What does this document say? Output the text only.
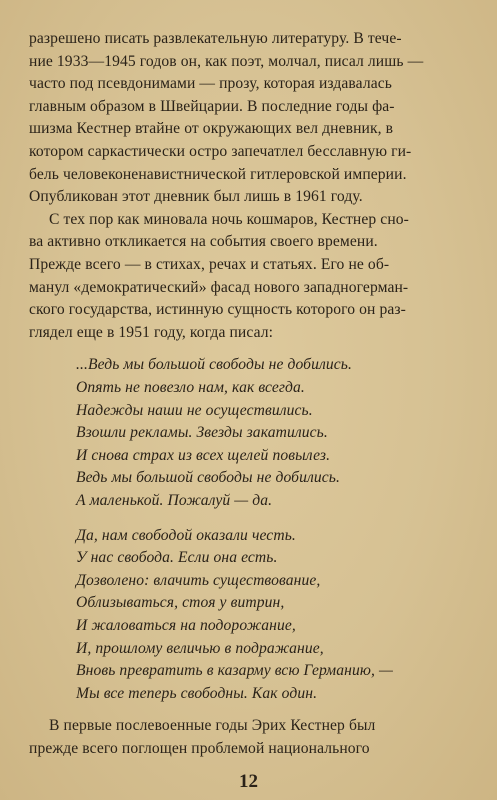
разрешено писать развлекательную литературу. В тече-
ние 1933—1945 годов он, как поэт, молчал, писал лишь —
часто под псевдонимами — прозу, которая издавалась
главным образом в Швейцарии. В последние годы фа-
шизма Кестнер втайне от окружающих вел дневник, в
котором саркастически остро запечатлел бесславную ги-
бель человеконенавистнической гитлеровской империи.
Опубликован этот дневник был лишь в 1961 году.
С тех пор как миновала ночь кошмаров, Кестнер сно-
ва активно откликается на события своего времени.
Прежде всего — в стихах, речах и статьях. Его не об-
манул «демократический» фасад нового западногерман-
ского государства, истинную сущность которого он раз-
глядел еще в 1951 году, когда писал:
...Ведь мы большой свободы не добились.
Опять не повезло нам, как всегда.
Надежды наши не осуществились.
Взошли рекламы. Звезды закатились.
И снова страх из всех щелей повылез.
Ведь мы большой свободы не добились.
А маленькой. Пожалуй — да.
Да, нам свободой оказали честь.
У нас свобода. Если она есть.
Дозволено: влачить существование,
Облизываться, стоя у витрин,
И жаловаться на подорожание,
И, прошлому величью в подражание,
Вновь превратить в казарму всю Германию, —
Мы все теперь свободны. Как один.
В первые послевоенные годы Эрих Кестнер был
прежде всего поглощен проблемой национального
12
